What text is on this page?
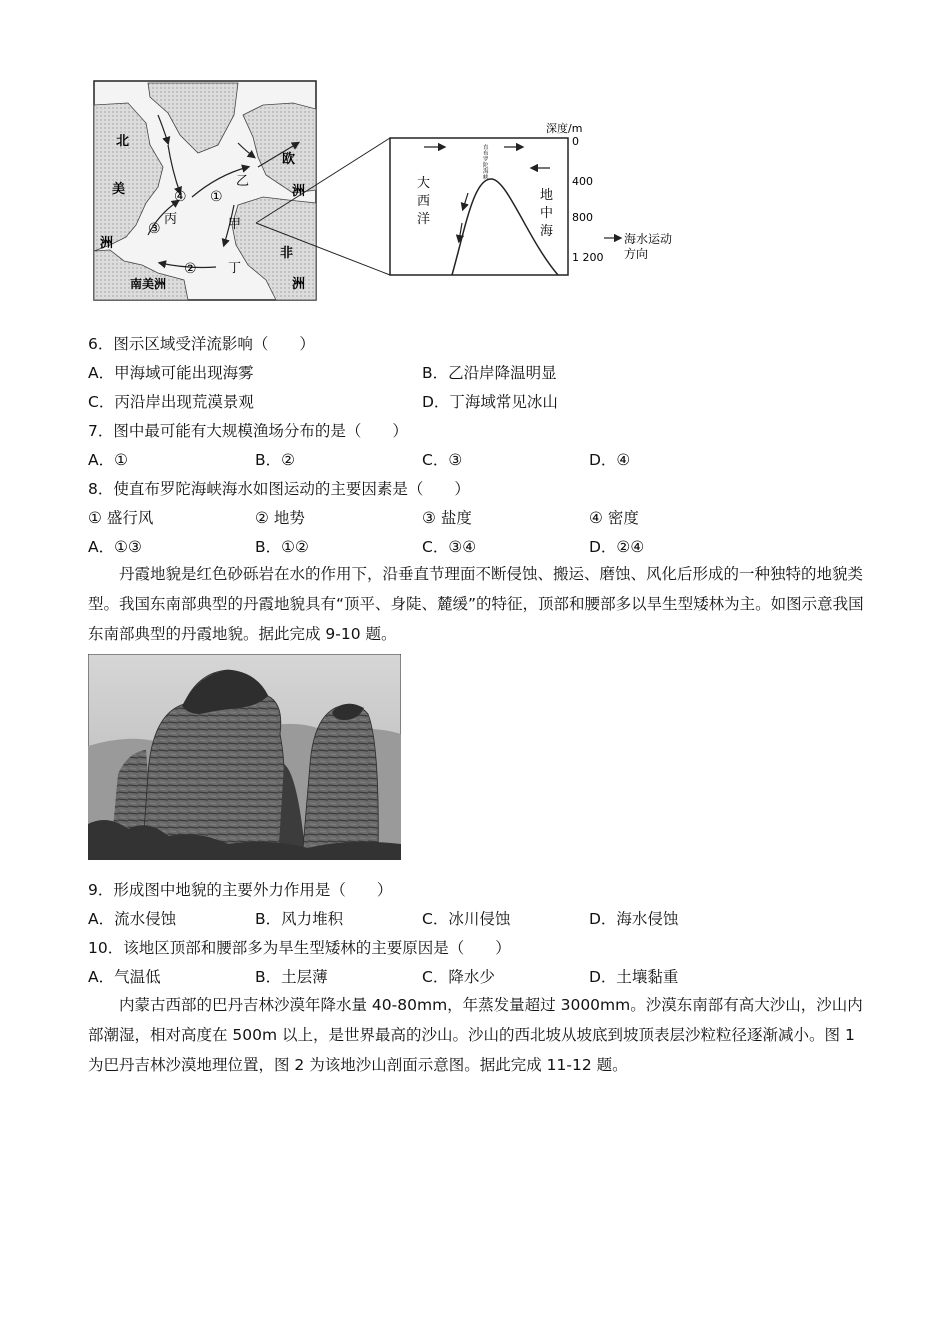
北
美
洲
欧
洲
非
洲
南美洲
甲
乙
丙
丁
①
②
③
④
深度/m
0
400
800
1 200
直
布
罗
陀
海
峡
大
西
洋
地
中
海	海水运动
方向
6．图示区域受洋流影响（　　）
A．甲海域可能出现海雾	B．乙沿岸降温明显
C．丙沿岸出现荒漠景观	D．丁海域常见冰山
7．图中最可能有大规模渔场分布的是（　　）
A．①	B．②	C．③	D．④
8．使直布罗陀海峡海水如图运动的主要因素是（　　）
① 盛行风	② 地势	③ 盐度	④ 密度
A．①③	B．①②	C．③④	D．②④

丹霞地貌是红色砂砾岩在水的作用下，沿垂直节理面不断侵蚀、搬运、磨蚀、风化后形成的一种独特的地貌类型。我国东南部典型的丹霞地貌具有“顶平、身陡、麓缓”的特征，顶部和腰部多以旱生型矮林为主。如图示意我国东南部典型的丹霞地貌。据此完成 9-10 题。

9．形成图中地貌的主要外力作用是（　　）
A．流水侵蚀	B．风力堆积	C．冰川侵蚀	D．海水侵蚀
10．该地区顶部和腰部多为旱生型矮林的主要原因是（　　）
A．气温低	B．土层薄	C．降水少	D．土壤黏重

内蒙古西部的巴丹吉林沙漠年降水量 40-80mm，年蒸发量超过 3000mm。沙漠东南部有高大沙山，沙山内部潮湿，相对高度在 500m 以上，是世界最高的沙山。沙山的西北坡从坡底到坡顶表层沙粒粒径逐渐减小。图 1 为巴丹吉林沙漠地理位置，图 2 为该地沙山剖面示意图。据此完成 11-12 题。
